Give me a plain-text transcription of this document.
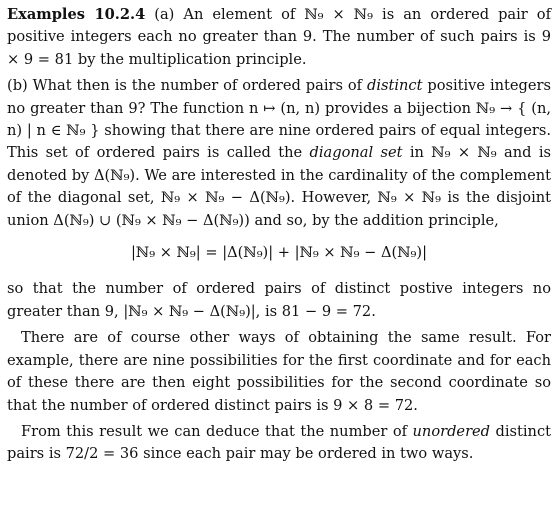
Examples 10.2.4 (a) An element of ℕ₉ × ℕ₉ is an ordered pair of positive integers each no greater than 9. The number of such pairs is 9 × 9 = 81 by the multiplication principle.

(b) What then is the number of ordered pairs of distinct positive integers no greater than 9? The function n ↦ (n, n) provides a bijection ℕ₉ → { (n, n) | n ∈ ℕ₉ } showing that there are nine ordered pairs of equal integers. This set of ordered pairs is called the diagonal set in ℕ₉ × ℕ₉ and is denoted by Δ(ℕ₉). We are interested in the cardinality of the complement of the diagonal set, ℕ₉ × ℕ₉ − Δ(ℕ₉). However, ℕ₉ × ℕ₉ is the disjoint union Δ(ℕ₉) ∪ (ℕ₉ × ℕ₉ − Δ(ℕ₉)) and so, by the addition principle,

|ℕ₉ × ℕ₉| = |Δ(ℕ₉)| + |ℕ₉ × ℕ₉ − Δ(ℕ₉)|

so that the number of ordered pairs of distinct postive integers no greater than 9, |ℕ₉ × ℕ₉ − Δ(ℕ₉)|, is 81 − 9 = 72.

There are of course other ways of obtaining the same result. For example, there are nine possibilities for the first coordinate and for each of these there are then eight possibilities for the second coordinate so that the number of ordered distinct pairs is 9 × 8 = 72.

From this result we can deduce that the number of unordered distinct pairs is 72/2 = 36 since each pair may be ordered in two ways.
